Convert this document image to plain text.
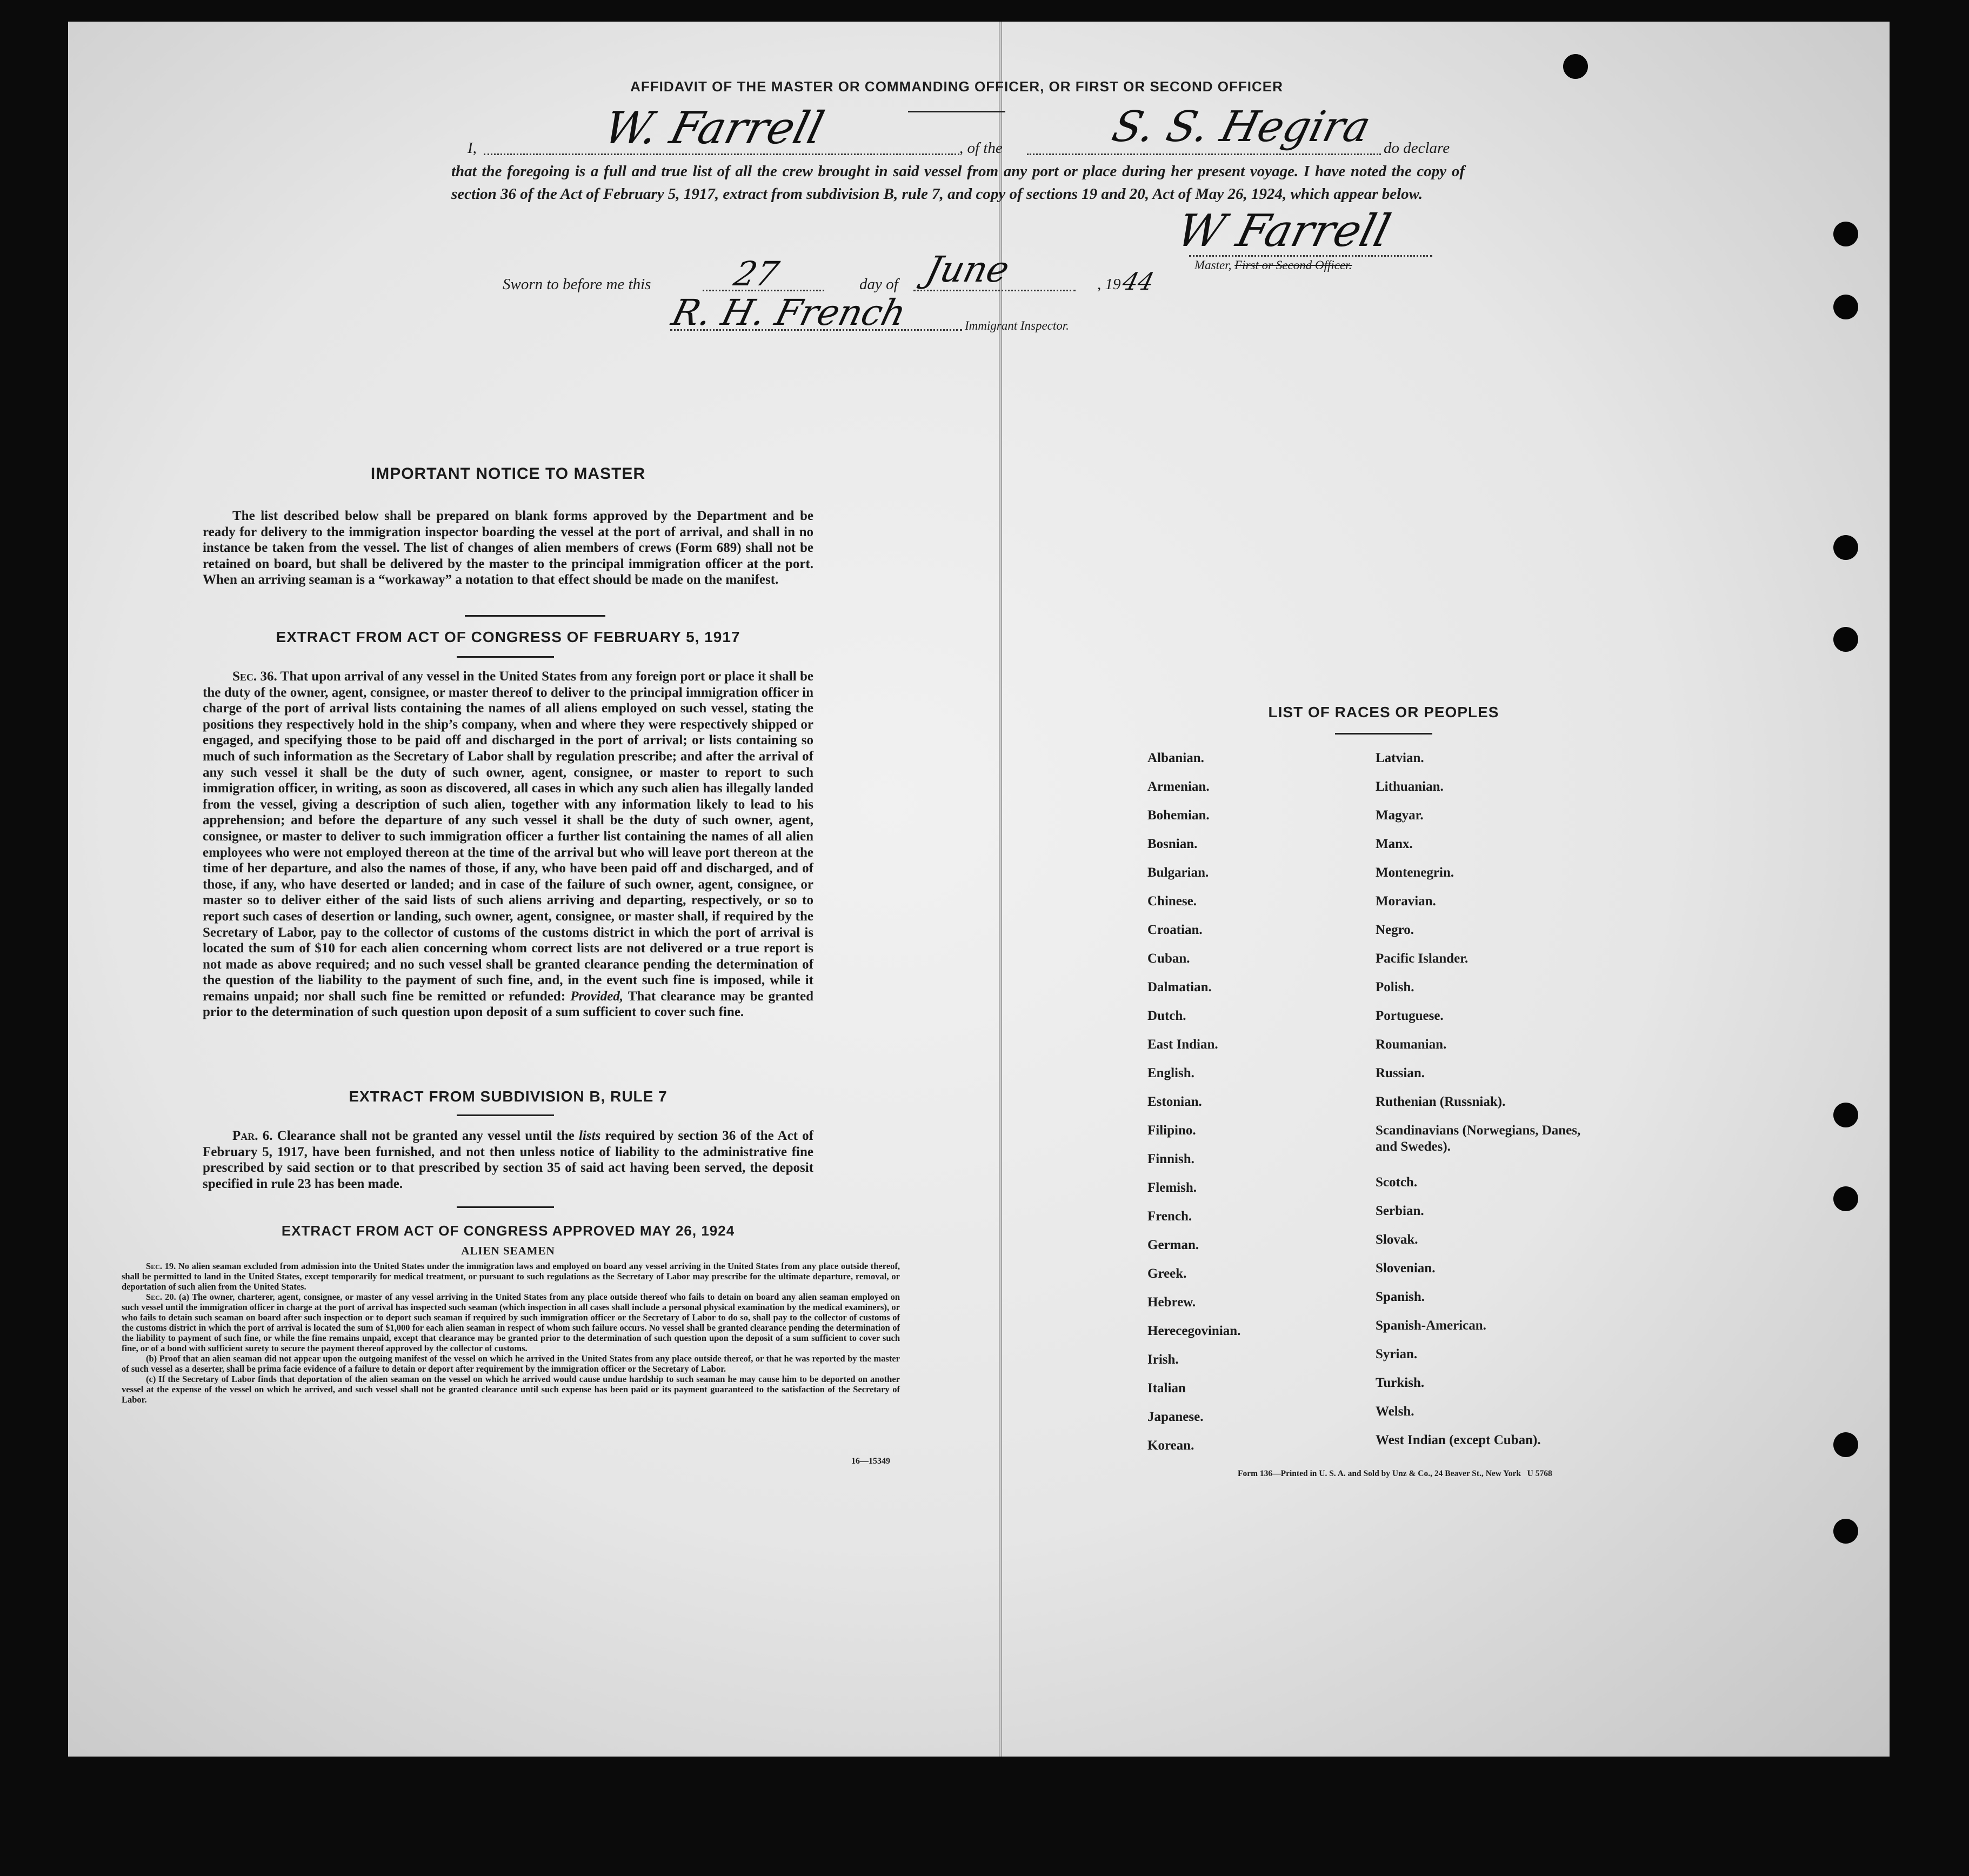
AFFIDAVIT OF THE MASTER OR COMMANDING OFFICER, OR FIRST OR SECOND OFFICER
I,	W. Farrell	, of the S. S. Hegira do declare
that the foregoing is a full and true list of all the crew brought in said vessel from any port or place during her present voyage. I have noted the copy of section 36 of the Act of February 5, 1917, extract from subdivision B, rule 7, and copy of sections 19 and 20, Act of May 26, 1924, which appear below.
W Farrell
Master, First or Second Officer.
Sworn to before me this 27	day of June	, 19
44
R. H. French	Immigrant Inspector.
IMPORTANT NOTICE TO MASTER
The list described below shall be prepared on blank forms approved by the Department and be ready for delivery to the immigration inspector boarding the vessel at the port of arrival, and shall in no instance be taken from the vessel. The list of changes of alien members of crews (Form 689) shall not be retained on board, but shall be delivered by the master to the principal immigration officer at the port. When an arriving seaman is a “workaway” a notation to that effect should be made on the manifest.
EXTRACT FROM ACT OF CONGRESS OF FEBRUARY 5, 1917
Sec. 36. That upon arrival of any vessel in the United States from any foreign port or place it shall be the duty of the owner, agent, consignee, or master thereof to deliver to the principal immigration officer in charge of the port of arrival lists containing the names of all aliens employed on such vessel, stating the positions they respectively hold in the ship’s company, when and where they were respectively shipped or engaged, and specifying those to be paid off and discharged in the port of arrival; or lists containing so much of such information as the Secretary of Labor shall by regulation prescribe; and after the arrival of any such vessel it shall be the duty of such owner, agent, consignee, or master to report to such immigration officer, in writing, as soon as discovered, all cases in which any such alien has illegally landed from the vessel, giving a description of such alien, together with any information likely to lead to his apprehension; and before the departure of any such vessel it shall be the duty of such owner, agent, consignee, or master to deliver to such immigration officer a further list containing the names of all alien employees who were not employed thereon at the time of the arrival but who will leave port thereon at the time of her departure, and also the names of those, if any, who have been paid off and discharged, and of those, if any, who have deserted or landed; and in case of the failure of such owner, agent, consignee, or master so to deliver either of the said lists of such aliens arriving and departing, respectively, or so to report such cases of desertion or landing, such owner, agent, consignee, or master shall, if required by the Secretary of Labor, pay to the collector of customs of the customs district in which the port of arrival is located the sum of $10 for each alien concerning whom correct lists are not delivered or a true report is not made as above required; and no such vessel shall be granted clearance pending the determination of the question of the liability to the payment of such fine, and, in the event such fine is imposed, while it remains unpaid; nor shall such fine be remitted or refunded: Provided, That clearance may be granted prior to the determination of such question upon deposit of a sum sufficient to cover such fine.
EXTRACT FROM SUBDIVISION B, RULE 7
Par. 6. Clearance shall not be granted any vessel until the lists required by section 36 of the Act of February 5, 1917, have been furnished, and not then unless notice of liability to the administrative fine prescribed by said section or to that prescribed by section 35 of said act having been served, the deposit specified in rule 23 has been made.
EXTRACT FROM ACT OF CONGRESS APPROVED MAY 26, 1924
ALIEN SEAMEN
Sec. 19. No alien seaman excluded from admission into the United States under the immigration laws and employed on board any vessel arriving in the United States from any place outside thereof, shall be permitted to land in the United States, except temporarily for medical treatment, or pursuant to such regulations as the Secretary of Labor may prescribe for the ultimate departure, removal, or deportation of such alien from the United States.
Sec. 20. (a) The owner, charterer, agent, consignee, or master of any vessel arriving in the United States from any place outside thereof who fails to detain on board any alien seaman employed on such vessel until the immigration officer in charge at the port of arrival has inspected such seaman (which inspection in all cases shall include a personal physical examination by the medical examiners), or who fails to detain such seaman on board after such inspection or to deport such seaman if required by such immigration officer or the Secretary of Labor to do so, shall pay to the collector of customs of the customs district in which the port of arrival is located the sum of $1,000 for each alien seaman in respect of whom such failure occurs. No vessel shall be granted clearance pending the determination of the liability to payment of such fine, or while the fine remains unpaid, except that clearance may be granted prior to the determination of such question upon the deposit of a sum sufficient to cover such fine, or of a bond with sufficient surety to secure the payment thereof approved by the collector of customs.
(b) Proof that an alien seaman did not appear upon the outgoing manifest of the vessel on which he arrived in the United States from any place outside thereof, or that he was reported by the master of such vessel as a deserter, shall be prima facie evidence of a failure to detain or deport after requirement by the immigration officer or the Secretary of Labor.
(c) If the Secretary of Labor finds that deportation of the alien seaman on the vessel on which he arrived would cause undue hardship to such seaman he may cause him to be deported on another vessel at the expense of the vessel on which he arrived, and such vessel shall not be granted clearance until such expense has been paid or its payment guaranteed to the satisfaction of the Secretary of Labor.
16—15349
LIST OF RACES OR PEOPLES
Albanian.
Armenian.
Bohemian.
Bosnian.
Bulgarian.
Chinese.
Croatian.
Cuban.
Dalmatian.
Dutch.
East Indian.
English.
Estonian.
Filipino.
Finnish.
Flemish.
French.
German.
Greek.
Hebrew.
Herecegovinian.
Irish.
Italian
Japanese.
Korean.
Latvian.
Lithuanian.
Magyar.
Manx.
Montenegrin.
Moravian.
Negro.
Pacific Islander.
Polish.
Portuguese.
Roumanian.
Russian.
Ruthenian (Russniak).
Scandinavians (Norwegians, Danes, and Swedes).
Scotch.
Serbian.
Slovak.
Slovenian.
Spanish.
Spanish-American.
Syrian.
Turkish.
Welsh.
West Indian (except Cuban).
Form 136—Printed in U. S. A. and Sold by Unz & Co., 24 Beaver St., New York   U 5768
